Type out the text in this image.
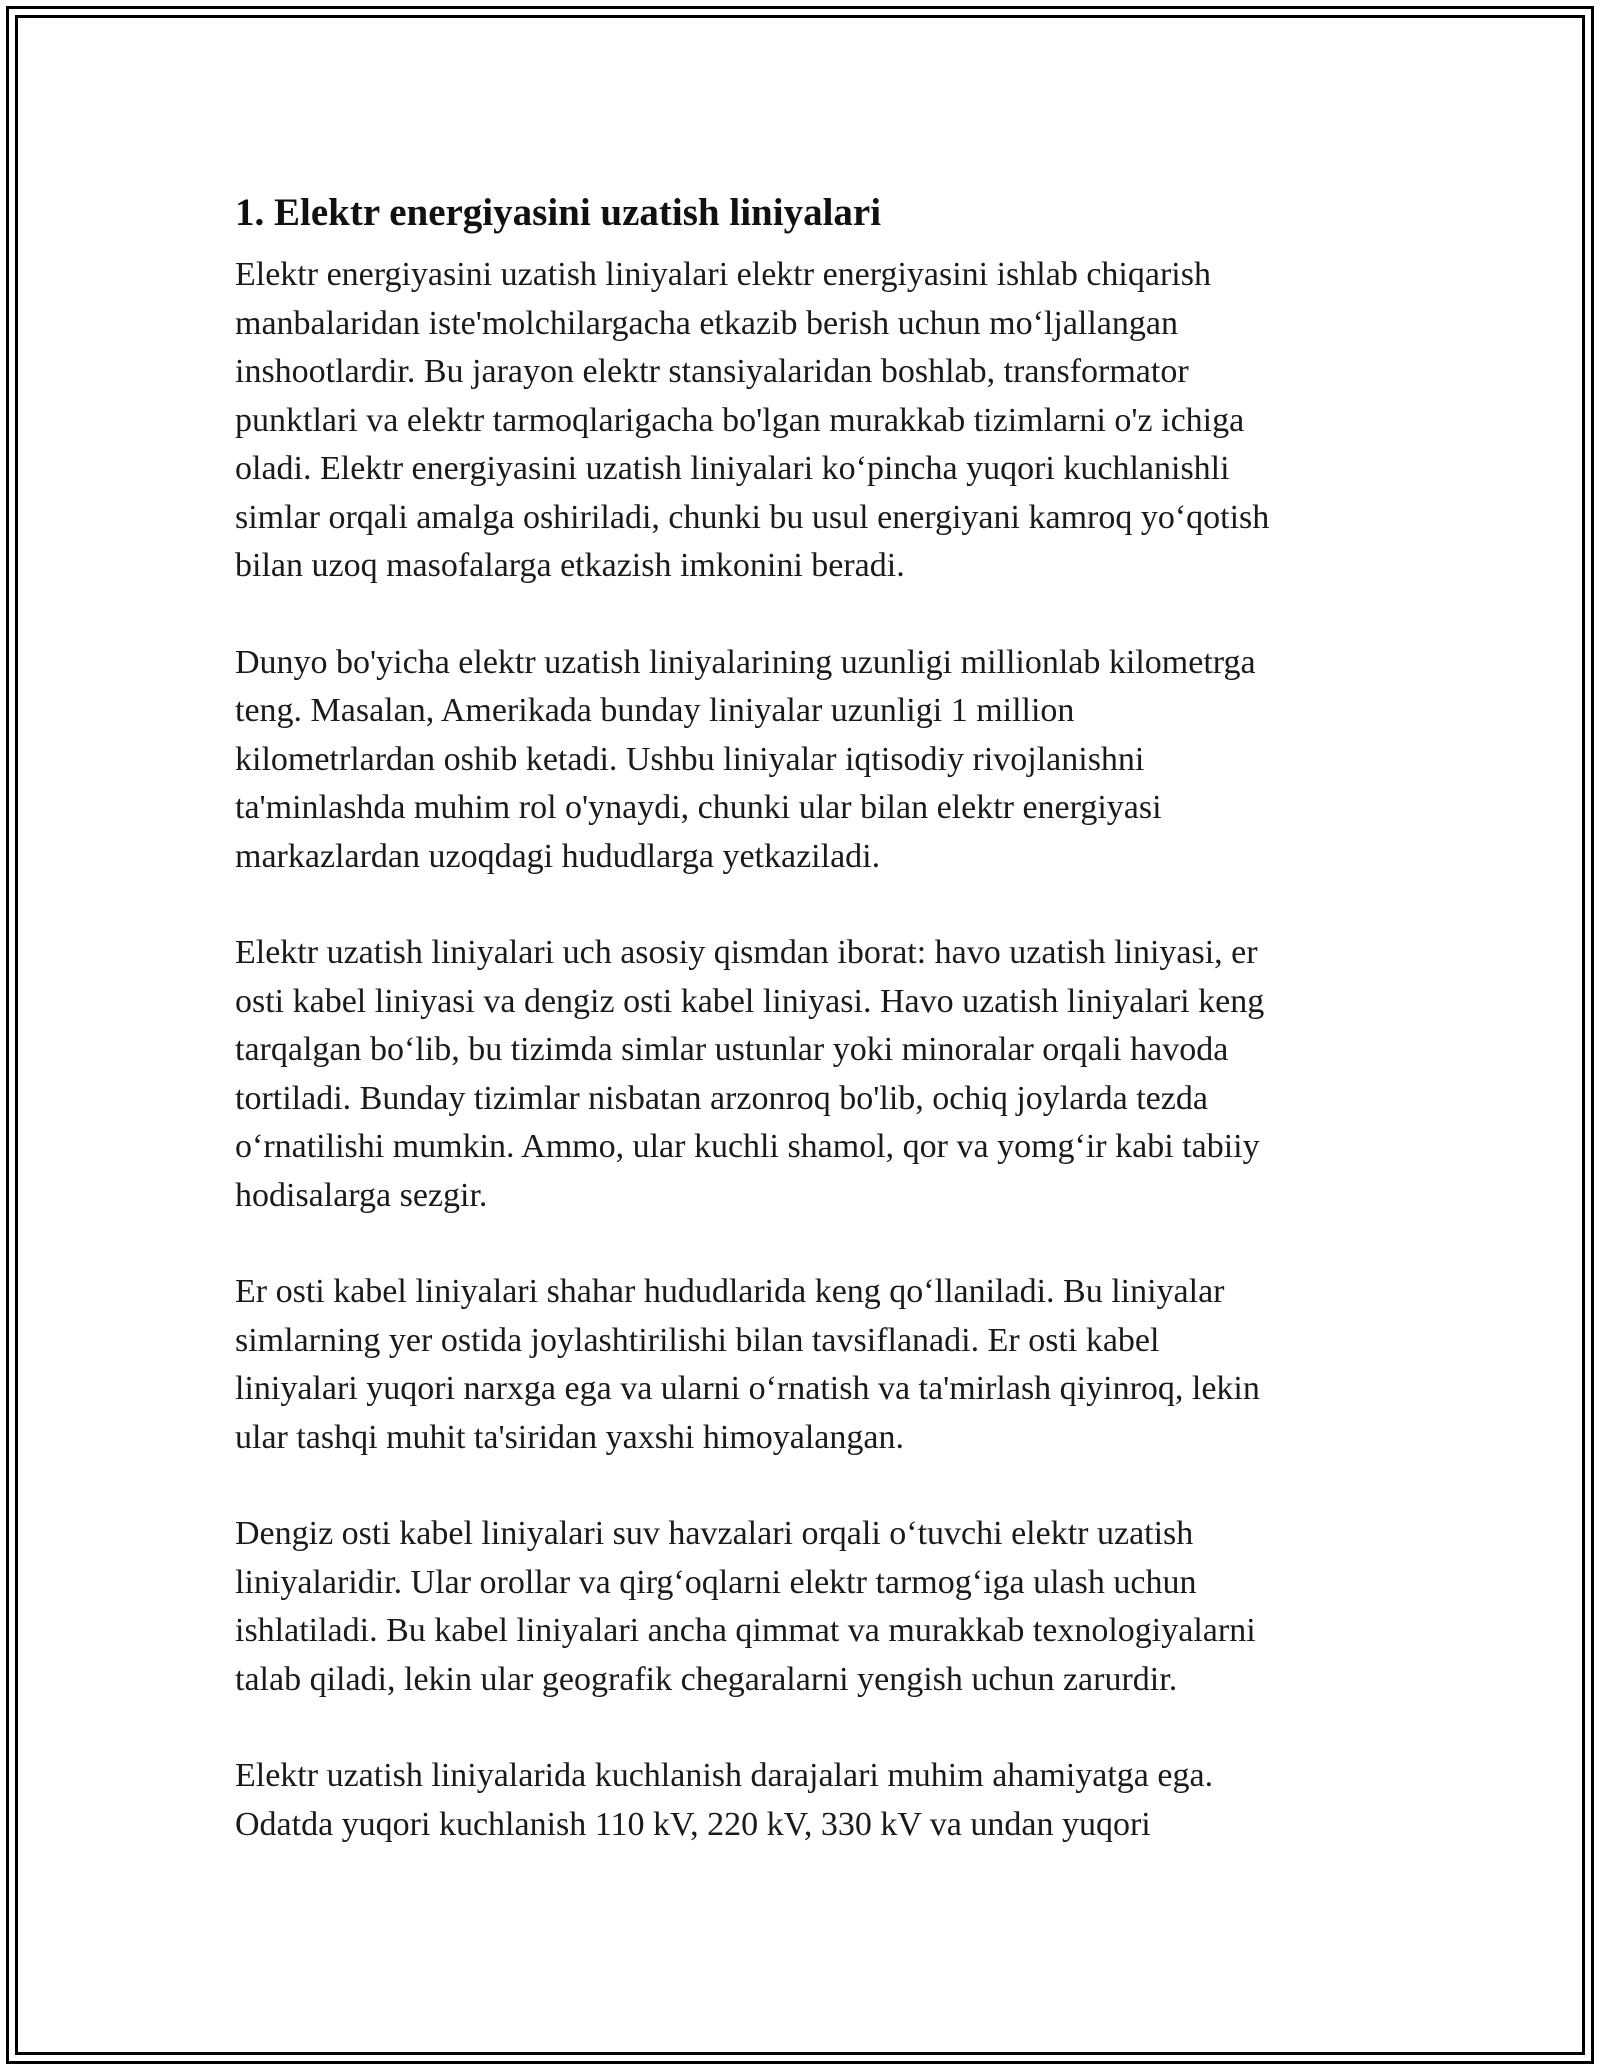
1. Elektr energiyasini uzatish liniyalari

Elektr energiyasini uzatish liniyalari elektr energiyasini ishlab chiqarish
manbalaridan iste'molchilargacha etkazib berish uchun mo‘ljallangan
inshootlardir. Bu jarayon elektr stansiyalaridan boshlab, transformator
punktlari va elektr tarmoqlarigacha bo'lgan murakkab tizimlarni o'z ichiga
oladi. Elektr energiyasini uzatish liniyalari ko‘pincha yuqori kuchlanishli
simlar orqali amalga oshiriladi, chunki bu usul energiyani kamroq yo‘qotish
bilan uzoq masofalarga etkazish imkonini beradi.

Dunyo bo'yicha elektr uzatish liniyalarining uzunligi millionlab kilometrga
teng. Masalan, Amerikada bunday liniyalar uzunligi 1 million
kilometrlardan oshib ketadi. Ushbu liniyalar iqtisodiy rivojlanishni
ta'minlashda muhim rol o'ynaydi, chunki ular bilan elektr energiyasi
markazlardan uzoqdagi hududlarga yetkaziladi.

Elektr uzatish liniyalari uch asosiy qismdan iborat: havo uzatish liniyasi, er
osti kabel liniyasi va dengiz osti kabel liniyasi. Havo uzatish liniyalari keng
tarqalgan bo‘lib, bu tizimda simlar ustunlar yoki minoralar orqali havoda
tortiladi. Bunday tizimlar nisbatan arzonroq bo'lib, ochiq joylarda tezda
o‘rnatilishi mumkin. Ammo, ular kuchli shamol, qor va yomg‘ir kabi tabiiy
hodisalarga sezgir.

Er osti kabel liniyalari shahar hududlarida keng qo‘llaniladi. Bu liniyalar
simlarning yer ostida joylashtirilishi bilan tavsiflanadi. Er osti kabel
liniyalari yuqori narxga ega va ularni o‘rnatish va ta'mirlash qiyinroq, lekin
ular tashqi muhit ta'siridan yaxshi himoyalangan.

Dengiz osti kabel liniyalari suv havzalari orqali o‘tuvchi elektr uzatish
liniyalaridir. Ular orollar va qirg‘oqlarni elektr tarmog‘iga ulash uchun
ishlatiladi. Bu kabel liniyalari ancha qimmat va murakkab texnologiyalarni
talab qiladi, lekin ular geografik chegaralarni yengish uchun zarurdir.

Elektr uzatish liniyalarida kuchlanish darajalari muhim ahamiyatga ega.
Odatda yuqori kuchlanish 110 kV, 220 kV, 330 kV va undan yuqori
